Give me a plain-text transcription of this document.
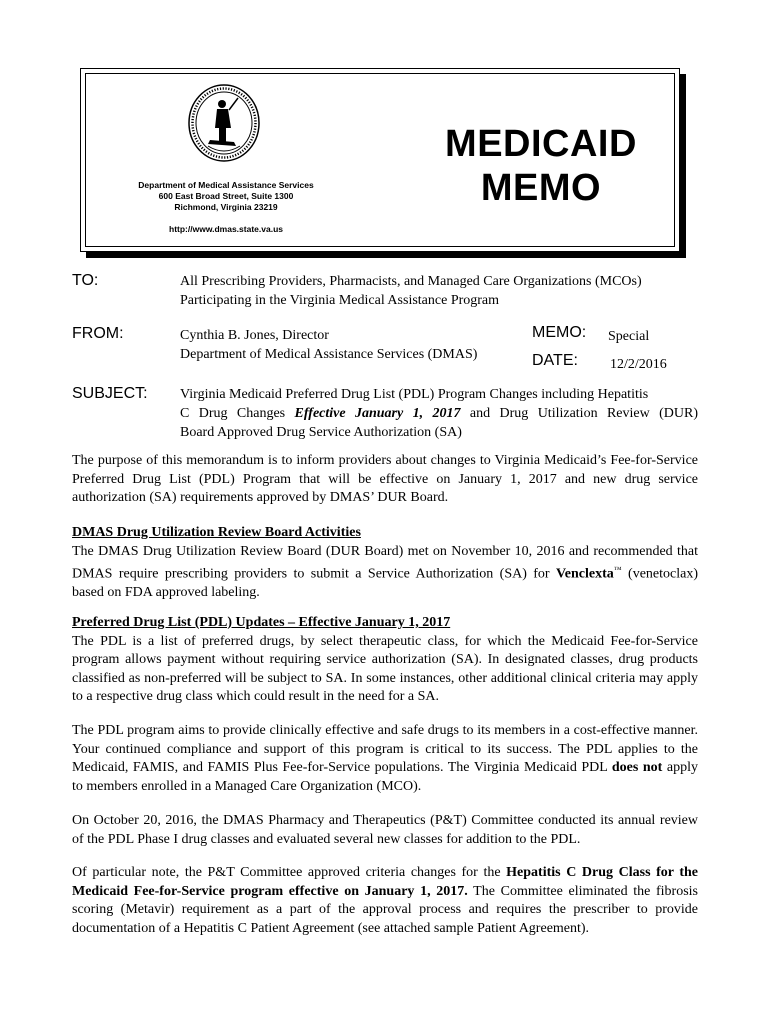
Department of Medical Assistance Services
600 East Broad Street, Suite 1300
Richmond, Virginia 23219
http://www.dmas.state.va.us
MEDICAID
MEMO
TO:	All Prescribing Providers, Pharmacists, and Managed Care Organizations (MCOs)
Participating in the Virginia Medical Assistance Program
FROM:	Cynthia B. Jones, Director
Department of Medical Assistance Services (DMAS)
MEMO: Special
DATE: 12/2/2016
SUBJECT: Virginia Medicaid Preferred Drug List (PDL) Program Changes including Hepatitis
C Drug Changes Effective January 1, 2017 and Drug Utilization Review (DUR)
Board Approved Drug Service Authorization (SA)
The purpose of this memorandum is to inform providers about changes to Virginia Medicaid’s Fee-for-Service Preferred Drug List (PDL) Program that will be effective on January 1, 2017 and new drug service authorization (SA) requirements approved by DMAS’ DUR Board.
DMAS Drug Utilization Review Board Activities
The DMAS Drug Utilization Review Board (DUR Board) met on November 10, 2016 and recommended that DMAS require prescribing providers to submit a Service Authorization (SA) for Venclexta™ (venetoclax) based on FDA approved labeling.
Preferred Drug List (PDL) Updates – Effective January 1, 2017
The PDL is a list of preferred drugs, by select therapeutic class, for which the Medicaid Fee-for-Service program allows payment without requiring service authorization (SA). In designated classes, drug products classified as non-preferred will be subject to SA. In some instances, other additional clinical criteria may apply to a respective drug class which could result in the need for a SA.
The PDL program aims to provide clinically effective and safe drugs to its members in a cost-effective manner. Your continued compliance and support of this program is critical to its success. The PDL applies to the Medicaid, FAMIS, and FAMIS Plus Fee-for-Service populations. The Virginia Medicaid PDL does not apply to members enrolled in a Managed Care Organization (MCO).
On October 20, 2016, the DMAS Pharmacy and Therapeutics (P&T) Committee conducted its annual review of the PDL Phase I drug classes and evaluated several new classes for addition to the PDL.
Of particular note, the P&T Committee approved criteria changes for the Hepatitis C Drug Class for the Medicaid Fee-for-Service program effective on January 1, 2017. The Committee eliminated the fibrosis scoring (Metavir) requirement as a part of the approval process and requires the prescriber to provide documentation of a Hepatitis C Patient Agreement (see attached sample Patient Agreement).
